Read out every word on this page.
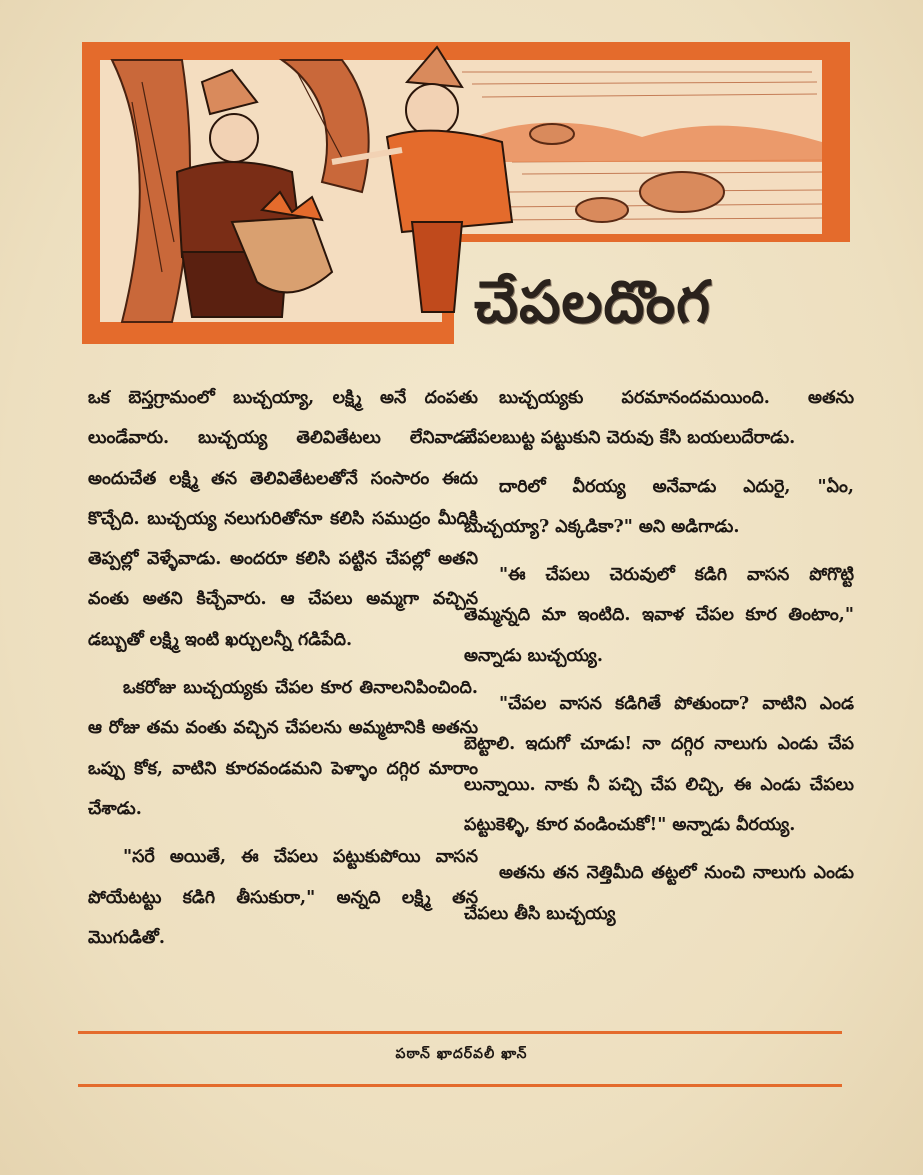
చేపలదొంగ

ఒక బెస్తగ్రామంలో బుచ్చయ్యా, లక్ష్మి అనే దంపతు లుండేవారు. బుచ్చయ్య తెలివితేటలు లేనివాడు. అందుచేత లక్ష్మి తన తెలివితేటలతోనే సంసారం ఈదు కొచ్చేది. బుచ్చయ్య నలుగురితోనూ కలిసి సముద్రం మీదికి తెప్పల్లో వెళ్ళేవాడు. అందరూ కలిసి పట్టిన చేపల్లో అతని వంతు అతని కిచ్చేవారు. ఆ చేపలు అమ్మగా వచ్చిన డబ్బుతో లక్ష్మి ఇంటి ఖర్చులన్నీ గడిపేది.

ఒకరోజు బుచ్చయ్యకు చేపల కూర తినాలనిపించింది. ఆ రోజు తమ వంతు వచ్చిన చేపలను అమ్మటానికి అతను ఒప్పు కోక, వాటిని కూరవండమని పెళ్ళాం దగ్గిర మారాం చేశాడు.

"సరే అయితే, ఈ చేపలు పట్టుకుపోయి వాసన పోయేటట్టు కడిగి తీసుకురా," అన్నది లక్ష్మి తన మొగుడితో.

బుచ్చయ్యకు పరమానందమయింది. అతను చేపలబుట్ట పట్టుకుని చెరువు కేసి బయలుదేరాడు.

దారిలో వీరయ్య అనేవాడు ఎదురై, "ఏం, బుచ్చయ్యా? ఎక్కడికా?" అని అడిగాడు.

"ఈ చేపలు చెరువులో కడిగి వాసన పోగొట్టి తెమ్మన్నది మా ఇంటిది. ఇవాళ చేపల కూర తింటాం," అన్నాడు బుచ్చయ్య.

"చేపల వాసన కడిగితే పోతుందా? వాటిని ఎండ బెట్టాలి. ఇదుగో చూడు! నా దగ్గిర నాలుగు ఎండు చేప లున్నాయి. నాకు నీ పచ్చి చేప లిచ్చి, ఈ ఎండు చేపలు పట్టుకెళ్ళి, కూర వండించుకో!" అన్నాడు వీరయ్య.

అతను తన నెత్తిమీది తట్టలో నుంచి నాలుగు ఎండు చేపలు తీసి బుచ్చయ్య

పఠాన్ ఖాదర్‌వలీ ఖాన్
